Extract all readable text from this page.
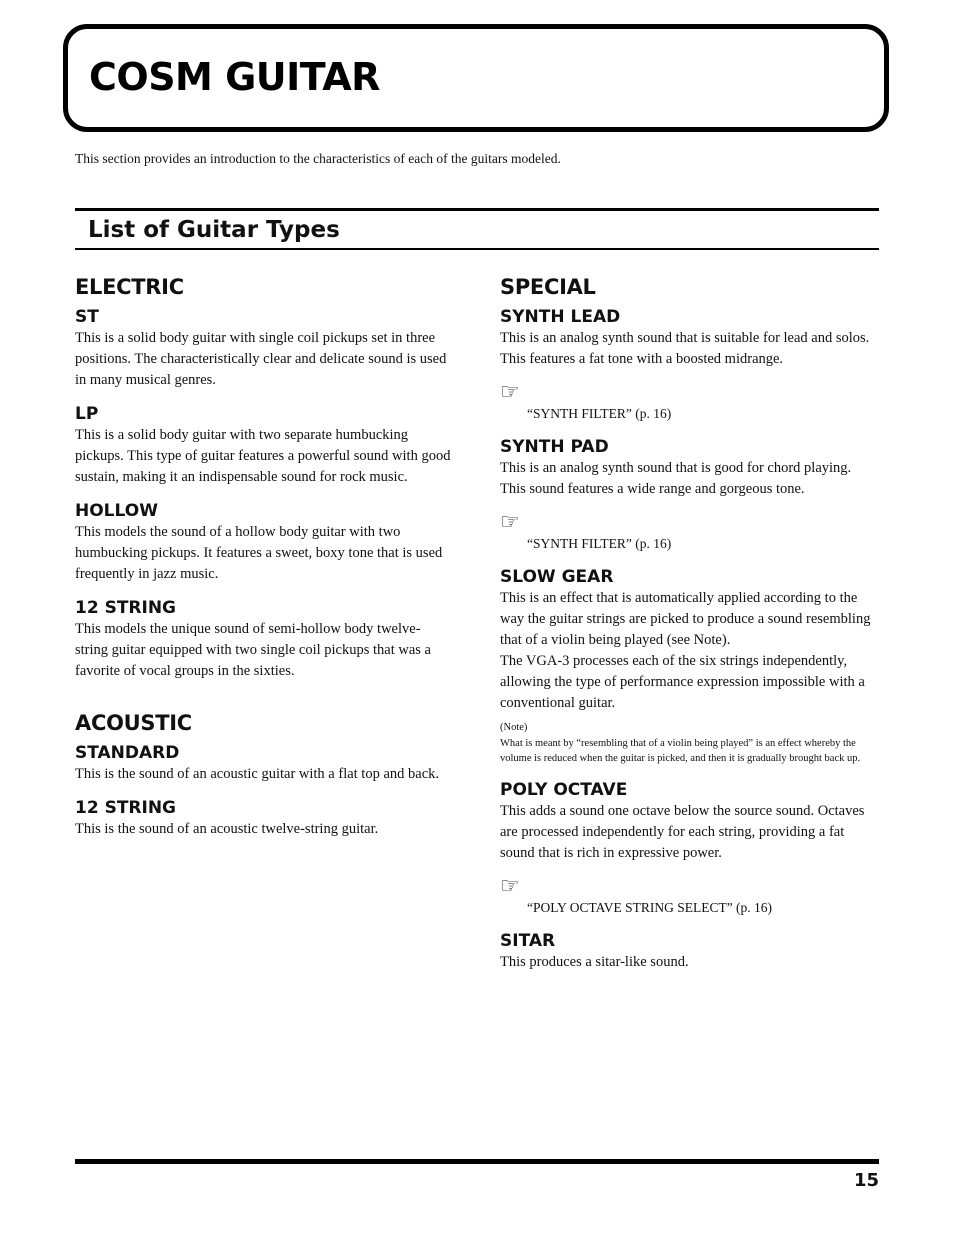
COSM GUITAR
This section provides an introduction to the characteristics of each of the guitars modeled.
List of Guitar Types
ELECTRIC
ST

This is a solid body guitar with single coil pickups set in three positions. The characteristically clear and delicate sound is used in many musical genres.

LP

This is a solid body guitar with two separate humbucking pickups. This type of guitar features a powerful sound with good sustain, making it an indispensable sound for rock music.

HOLLOW

This models the sound of a hollow body guitar with two humbucking pickups. It features a sweet, boxy tone that is used frequently in jazz music.

12 STRING

This models the unique sound of semi-hollow body twelve-string guitar equipped with two single coil pickups that was a favorite of vocal groups in the sixties.

ACOUSTIC
STANDARD

This is the sound of an acoustic guitar with a flat top and back.

12 STRING

This is the sound of an acoustic twelve-string guitar.

SPECIAL
SYNTH LEAD

This is an analog synth sound that is suitable for lead and solos. This features a fat tone with a boosted midrange.

☞
“SYNTH FILTER” (p. 16)
SYNTH PAD

This is an analog synth sound that is good for chord playing. This sound features a wide range and gorgeous tone.

☞
“SYNTH FILTER” (p. 16)
SLOW GEAR

This is an effect that is automatically applied according to the way the guitar strings are picked to produce a sound resembling that of a violin being played (see Note).

The VGA-3 processes each of the six strings independently, allowing the type of performance expression impossible with a conventional guitar.

(Note)
What is meant by “resembling that of a violin being played” is an effect whereby the volume is reduced when the guitar is picked, and then it is gradually brought back up.
POLY OCTAVE

This adds a sound one octave below the source sound. Octaves are processed independently for each string, providing a fat sound that is rich in expressive power.

☞
“POLY OCTAVE STRING SELECT” (p. 16)
SITAR

This produces a sitar-like sound.

15
